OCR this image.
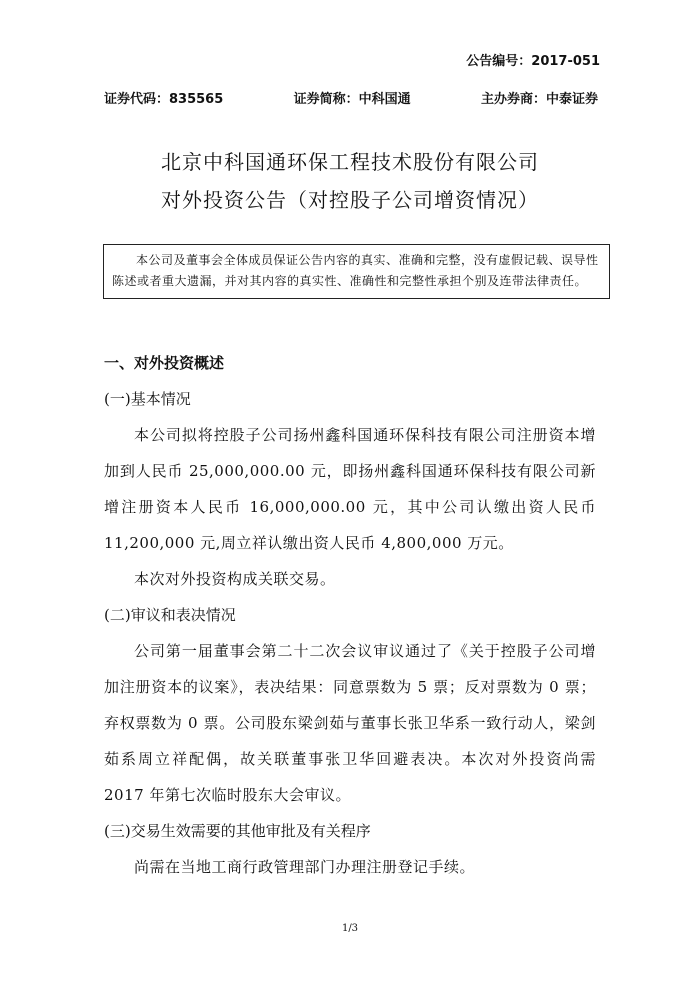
公告编号：2017-051
证券代码：835565	证券简称：中科国通	主办券商：中泰证券
北京中科国通环保工程技术股份有限公司
对外投资公告（对控股子公司增资情况）

本公司及董事会全体成员保证公告内容的真实、准确和完整，没有虚假记载、误导性陈述或者重大遗漏，并对其内容的真实性、准确性和完整性承担个别及连带法律责任。

一、对外投资概述

(一)基本情况

本公司拟将控股子公司扬州鑫科国通环保科技有限公司注册资本增加到人民币 25,000,000.00 元，即扬州鑫科国通环保科技有限公司新增注册资本人民币 16,000,000.00 元，其中公司认缴出资人民币 11,200,000 元,周立祥认缴出资人民币 4,800,000 万元。

本次对外投资构成关联交易。

(二)审议和表决情况

公司第一届董事会第二十二次会议审议通过了《关于控股子公司增加注册资本的议案》，表决结果：同意票数为 5 票；反对票数为 0 票；弃权票数为 0 票。公司股东梁剑茹与董事长张卫华系一致行动人，梁剑茹系周立祥配偶，故关联董事张卫华回避表决。本次对外投资尚需 2017 年第七次临时股东大会审议。

(三)交易生效需要的其他审批及有关程序

尚需在当地工商行政管理部门办理注册登记手续。

1/3
